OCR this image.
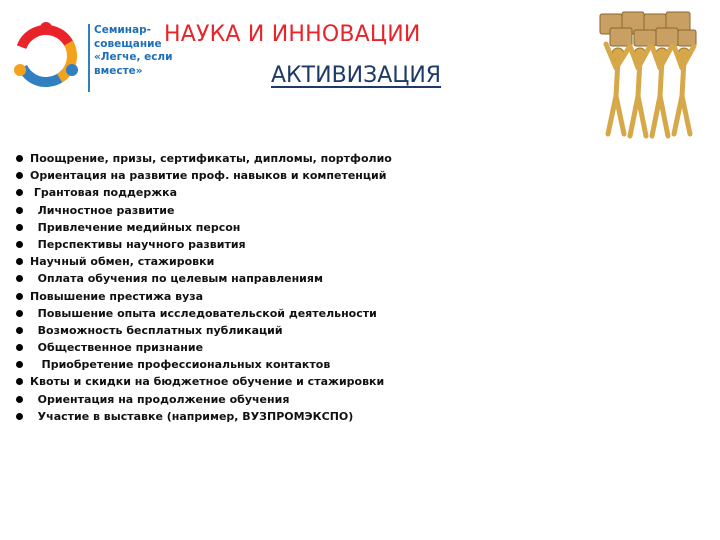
Семинар-
совещание
«Легче, если
вместе»
НАУКА И ИННОВАЦИИ
АКТИВИЗАЦИЯ
Поощрение, призы, сертификаты, дипломы, портфолио
Ориентация на развитие проф. навыков и компетенций
Грантовая поддержка
Личностное развитие
Привлечение медийных персон
Перспективы научного развития
Научный обмен, стажировки
Оплата обучения по целевым направлениям
Повышение престижа вуза
Повышение опыта исследовательской деятельности
Возможность бесплатных публикаций
Общественное признание
Приобретение профессиональных контактов
Квоты и скидки на бюджетное обучение и стажировки
Ориентация на продолжение обучения
Участие в выставке (например, ВУЗПРОМЭКСПО)
